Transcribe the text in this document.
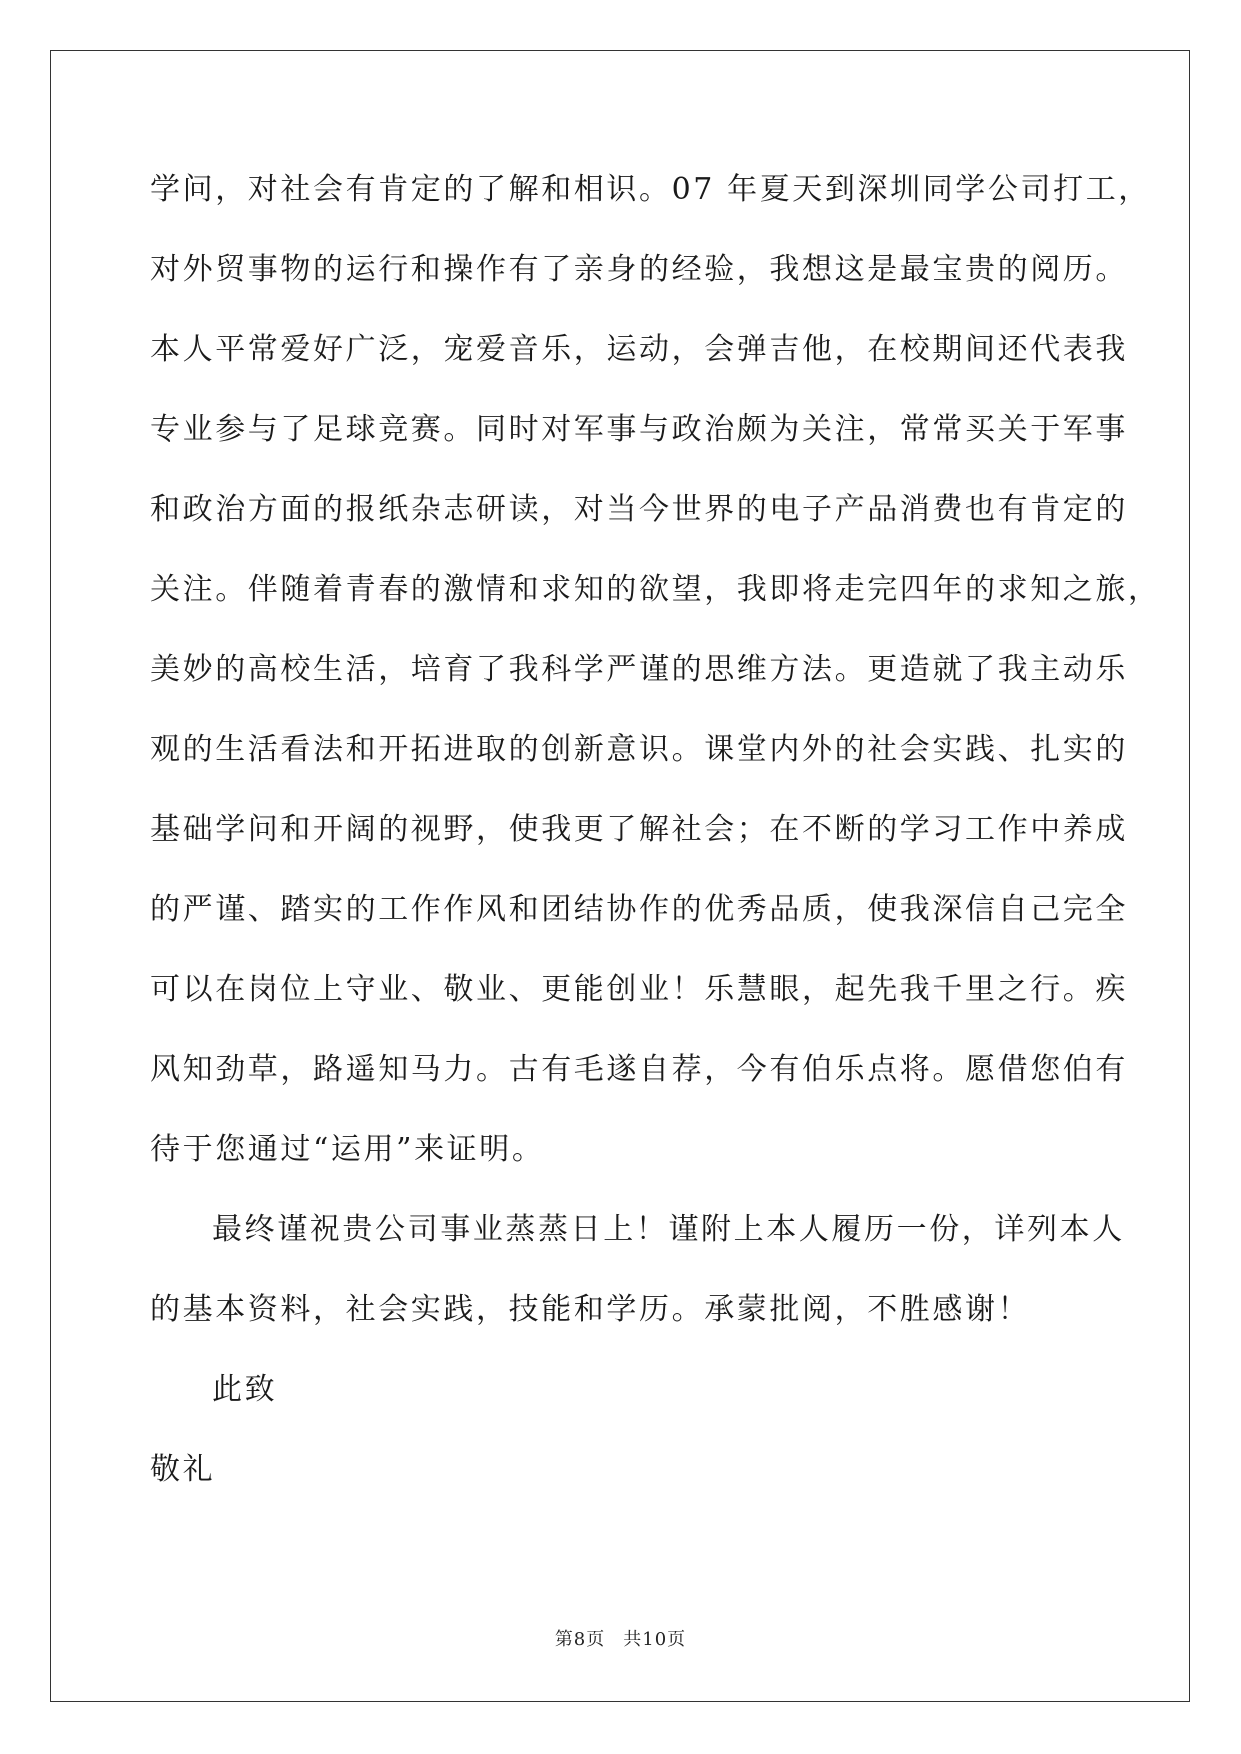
学问，对社会有肯定的了解和相识。07 年夏天到深圳同学公司打工，
对外贸事物的运行和操作有了亲身的经验，我想这是最宝贵的阅历。
本人平常爱好广泛，宠爱音乐，运动，会弹吉他，在校期间还代表我
专业参与了足球竞赛。同时对军事与政治颇为关注，常常买关于军事
和政治方面的报纸杂志研读，对当今世界的电子产品消费也有肯定的
关注。伴随着青春的激情和求知的欲望，我即将走完四年的求知之旅，
美妙的高校生活，培育了我科学严谨的思维方法。更造就了我主动乐
观的生活看法和开拓进取的创新意识。课堂内外的社会实践、扎实的
基础学问和开阔的视野，使我更了解社会；在不断的学习工作中养成
的严谨、踏实的工作作风和团结协作的优秀品质，使我深信自己完全
可以在岗位上守业、敬业、更能创业！乐慧眼，起先我千里之行。疾
风知劲草，路遥知马力。古有毛遂自荐，今有伯乐点将。愿借您伯有
待于您通过“运用”来证明。
最终谨祝贵公司事业蒸蒸日上！谨附上本人履历一份，详列本人
的基本资料，社会实践，技能和学历。承蒙批阅，不胜感谢！
此致
敬礼
第8页 共10页
